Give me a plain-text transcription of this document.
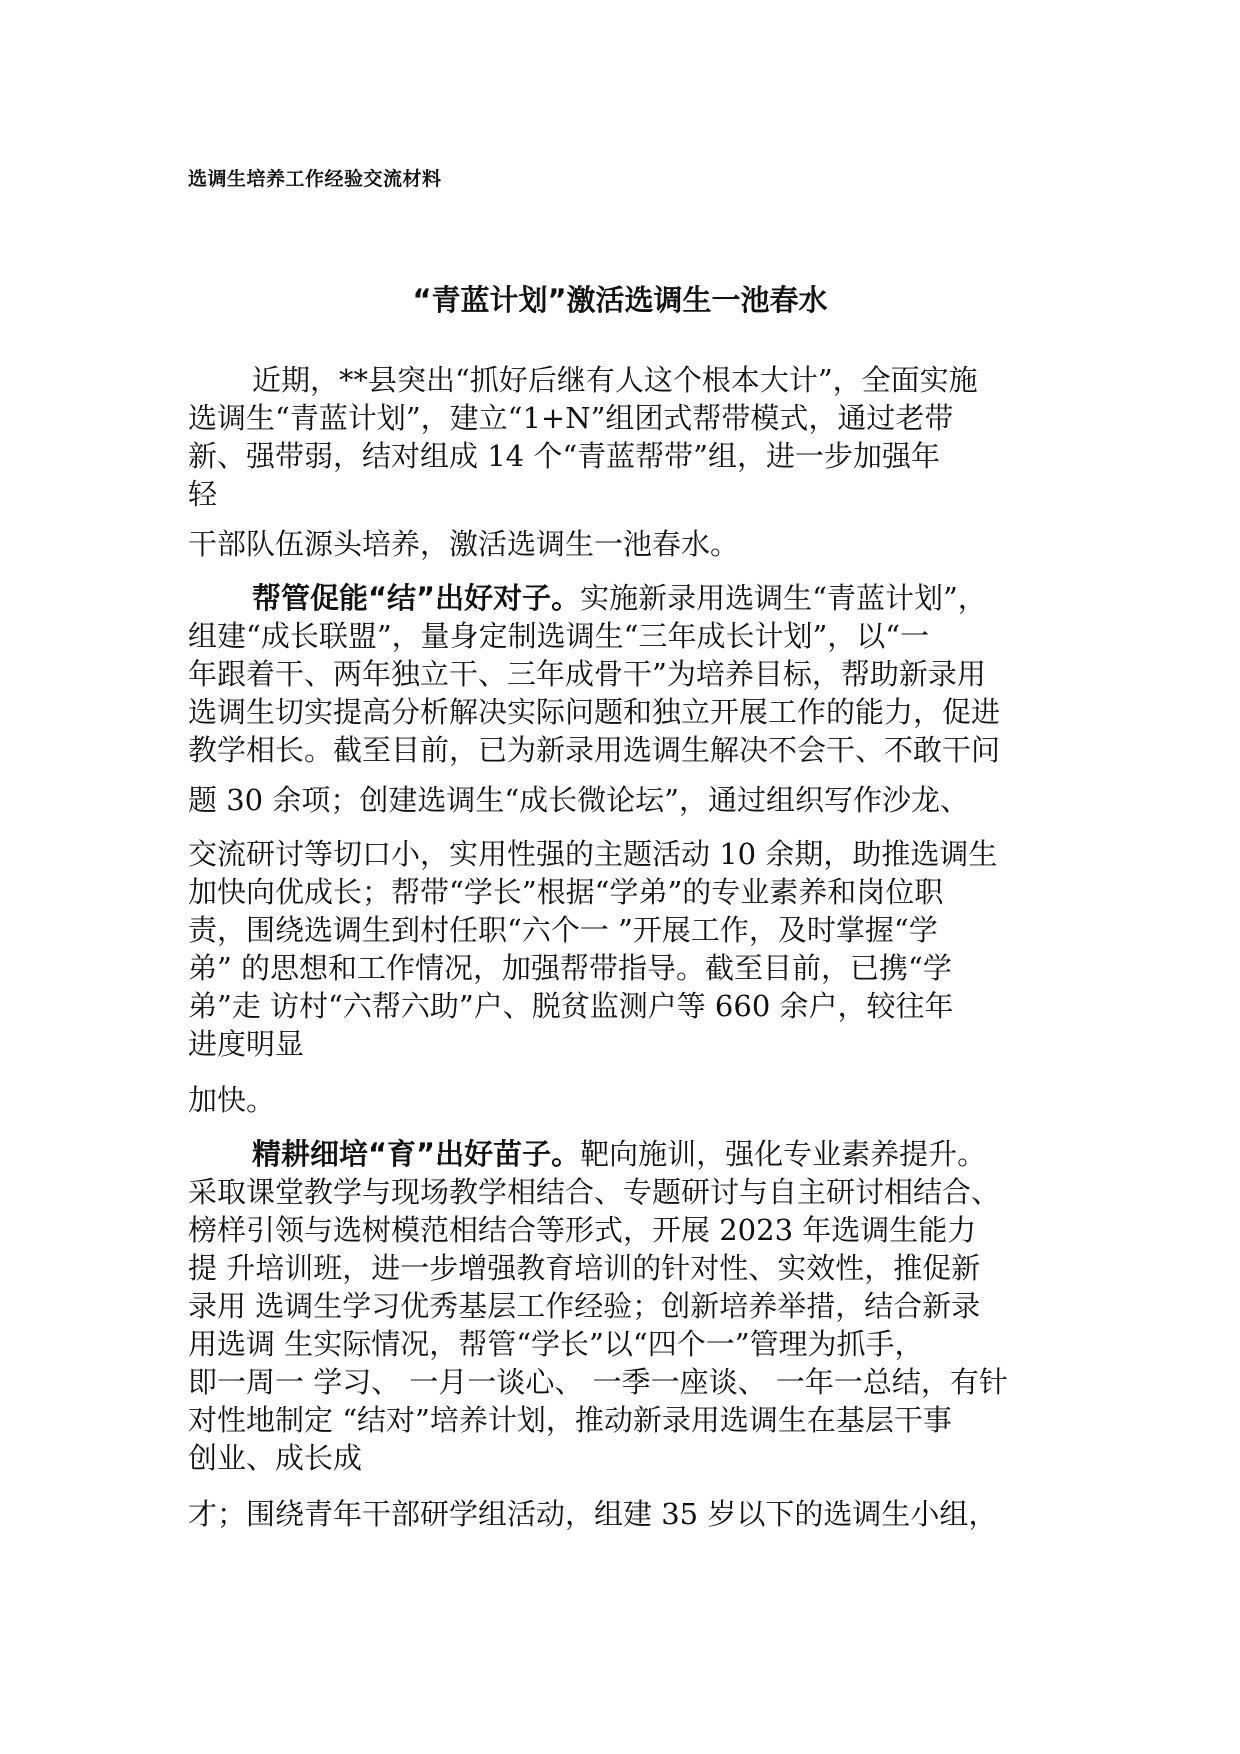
选调生培养工作经验交流材料
“青蓝计划”激活选调生一池春水
近期，**县突出“抓好后继有人这个根本大计”，全面实施
选调生“青蓝计划”，建立“1+N”组团式帮带模式，通过老带
新、强带弱，结对组成 14 个“青蓝帮带”组，进一步加强年
轻
干部队伍源头培养，激活选调生一池春水。
帮管促能“结”出好对子。实施新录用选调生“青蓝计划”，
组建“成长联盟”，量身定制选调生“三年成长计划”，以“一
年跟着干、两年独立干、三年成骨干”为培养目标，帮助新录用
选调生切实提高分析解决实际问题和独立开展工作的能力，促进
教学相长。截至目前，已为新录用选调生解决不会干、不敢干问
题 30 余项；创建选调生“成长微论坛”，通过组织写作沙龙、
交流研讨等切口小，实用性强的主题活动 10 余期，助推选调生
加快向优成长；帮带“学长”根据“学弟”的专业素养和岗位职
责，围绕选调生到村任职“六个一 ”开展工作，及时掌握“学
弟” 的思想和工作情况，加强帮带指导。截至目前，已携“学
弟”走 访村“六帮六助”户、脱贫监测户等 660 余户，较往年
进度明显
加快。
精耕细培“育”出好苗子。靶向施训，强化专业素养提升。
采取课堂教学与现场教学相结合、专题研讨与自主研讨相结合、
榜样引领与选树模范相结合等形式，开展 2023 年选调生能力
提 升培训班，进一步增强教育培训的针对性、实效性，推促新
录用 选调生学习优秀基层工作经验；创新培养举措，结合新录
用选调 生实际情况，帮管“学长”以“四个一”管理为抓手，
即一周一 学习、 一月一谈心、 一季一座谈、 一年一总结，有针
对性地制定 “结对”培养计划，推动新录用选调生在基层干事
创业、成长成
才；围绕青年干部研学组活动，组建 35 岁以下的选调生小组，
